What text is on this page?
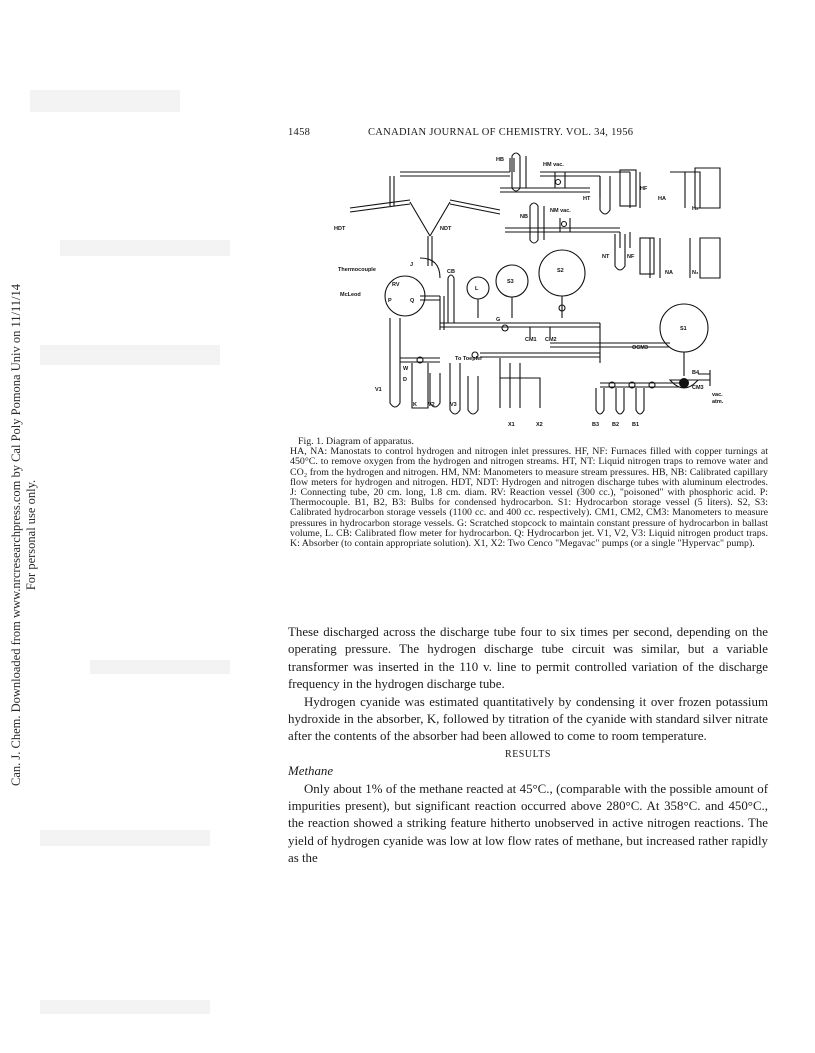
Can. J. Chem. Downloaded from www.nrcresearchpress.com by Cal Poly Pomona Univ on 11/11/14 For personal use only.
1458	CANADIAN JOURNAL OF CHEMISTRY. VOL. 34, 1956
HB
HM vac.
HT
HF
HA
H₂
NB
NM vac.
NT	NF
NA	N₂
HDT	NDT
J
Thermocouple
RV
McLeod
P	Q
CB
L
S3
S2
S1
G
CM1 CM2
OCM3
B4
CM3
vac.
atm.
To Toepler
W
D
V1
K V2	V3
X1	X2	B3 B2 B1

Fig. 1. Diagram of apparatus.

HA, NA: Manostats to control hydrogen and nitrogen inlet pressures. HF, NF: Furnaces filled with copper turnings at 450°C. to remove oxygen from the hydrogen and nitrogen streams. HT, NT: Liquid nitrogen traps to remove water and CO₂ from the hydrogen and nitrogen. HM, NM: Manometers to measure stream pressures. HB, NB: Calibrated capillary flow meters for hydrogen and nitrogen. HDT, NDT: Hydrogen and nitrogen discharge tubes with aluminum electrodes. J: Connecting tube, 20 cm. long, 1.8 cm. diam. RV: Reaction vessel (300 cc.), "poisoned" with phosphoric acid. P: Thermocouple. B1, B2, B3: Bulbs for condensed hydrocarbon. S1: Hydrocarbon storage vessel (5 liters). S2, S3: Calibrated hydrocarbon storage vessels (1100 cc. and 400 cc. respectively). CM1, CM2, CM3: Manometers to measure pressures in hydrocarbon storage vessels. G: Scratched stopcock to maintain constant pressure of hydrocarbon in ballast volume, L. CB: Calibrated flow meter for hydrocarbon. Q: Hydrocarbon jet. V1, V2, V3: Liquid nitrogen product traps. K: Absorber (to contain appropriate solution). X1, X2: Two Cenco "Megavac" pumps (or a single "Hypervac" pump).

These discharged across the discharge tube four to six times per second, depending on the operating pressure. The hydrogen discharge tube circuit was similar, but a variable transformer was inserted in the 110 v. line to permit controlled variation of the discharge frequency in the hydrogen discharge tube.

Hydrogen cyanide was estimated quantitatively by condensing it over frozen potassium hydroxide in the absorber, K, followed by titration of the cyanide with standard silver nitrate after the contents of the absorber had been allowed to come to room temperature.

RESULTS

Methane

Only about 1% of the methane reacted at 45°C., (comparable with the possible amount of impurities present), but significant reaction occurred above 280°C. At 358°C. and 450°C., the reaction showed a striking feature hitherto unobserved in active nitrogen reactions. The yield of hydrogen cyanide was low at low flow rates of methane, but increased rather rapidly as the
